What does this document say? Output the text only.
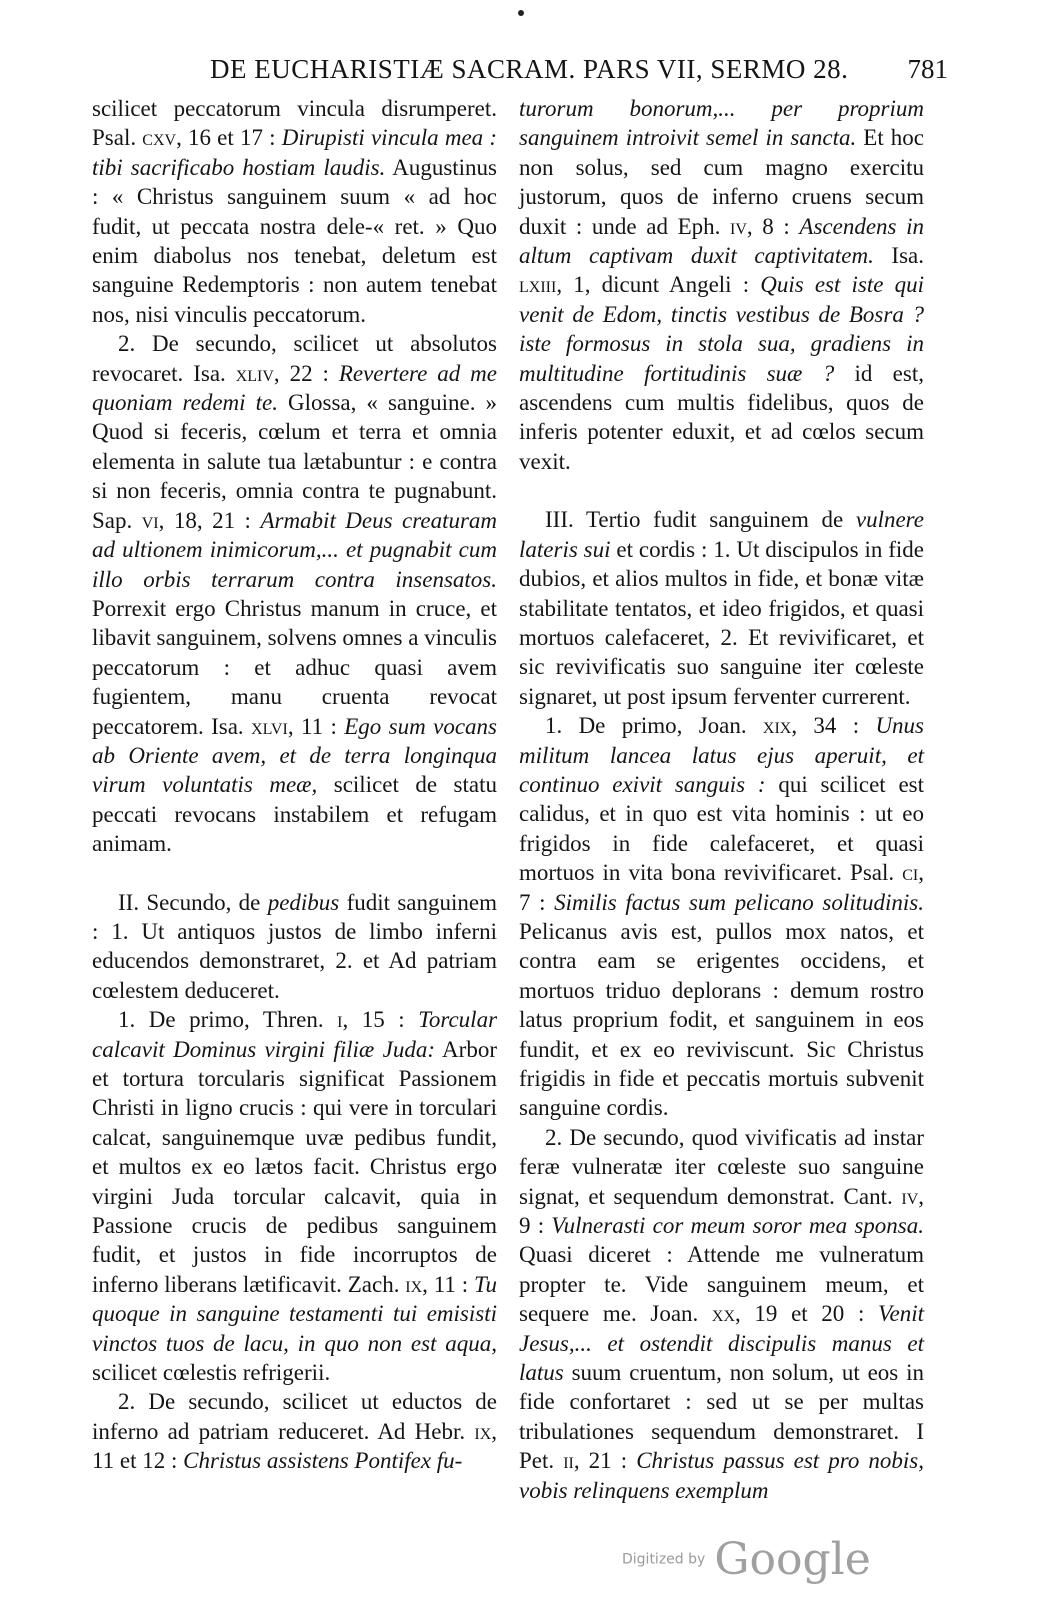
DE EUCHARISTIÆ SACRAM. PARS VII, SERMO 28. 781

scilicet peccatorum vincula disrumperet. Psal. cxv, 16 et 17 : Dirupisti vincula mea : tibi sacrificabo hostiam laudis. Augustinus : « Christus sanguinem suum « ad hoc fudit, ut peccata nostra dele-« ret. » Quo enim diabolus nos tenebat, deletum est sanguine Redemptoris : non autem tenebat nos, nisi vinculis peccatorum.

2. De secundo, scilicet ut absolutos revocaret. Isa. xliv, 22 : Revertere ad me quoniam redemi te. Glossa, « sanguine. » Quod si feceris, cœlum et terra et omnia elementa in salute tua lætabuntur : e contra si non feceris, omnia contra te pugnabunt. Sap. vi, 18, 21 : Armabit Deus creaturam ad ultionem inimicorum,... et pugnabit cum illo orbis terrarum contra insensatos. Porrexit ergo Christus manum in cruce, et libavit sanguinem, solvens omnes a vinculis peccatorum : et adhuc quasi avem fugientem, manu cruenta revocat peccatorem. Isa. xlvi, 11 : Ego sum vocans ab Oriente avem, et de terra longinqua virum voluntatis meæ, scilicet de statu peccati revocans instabilem et refugam animam.

II. Secundo, de pedibus fudit sanguinem : 1. Ut antiquos justos de limbo inferni educendos demonstraret, 2. et Ad patriam cœlestem deduceret.

1. De primo, Thren. i, 15 : Torcular calcavit Dominus virgini filiæ Juda: Arbor et tortura torcularis significat Passionem Christi in ligno crucis : qui vere in torculari calcat, sanguinemque uvæ pedibus fundit, et multos ex eo lætos facit. Christus ergo virgini Juda torcular calcavit, quia in Passione crucis de pedibus sanguinem fudit, et justos in fide incorruptos de inferno liberans lætificavit. Zach. ix, 11 : Tu quoque in sanguine testamenti tui emisisti vinctos tuos de lacu, in quo non est aqua, scilicet cœlestis refrigerii.

2. De secundo, scilicet ut eductos de inferno ad patriam reduceret. Ad Hebr. ix, 11 et 12 : Christus assistens Pontifex fu-

turorum bonorum,... per proprium sanguinem introivit semel in sancta. Et hoc non solus, sed cum magno exercitu justorum, quos de inferno cruens secum duxit : unde ad Eph. iv, 8 : Ascendens in altum captivam duxit captivitatem. Isa. lxiii, 1, dicunt Angeli : Quis est iste qui venit de Edom, tinctis vestibus de Bosra ? iste formosus in stola sua, gradiens in multitudine fortitudinis suæ ? id est, ascendens cum multis fidelibus, quos de inferis potenter eduxit, et ad cœlos secum vexit.

III. Tertio fudit sanguinem de vulnere lateris sui et cordis : 1. Ut discipulos in fide dubios, et alios multos in fide, et bonæ vitæ stabilitate tentatos, et ideo frigidos, et quasi mortuos calefaceret, 2. Et revivificaret, et sic revivificatis suo sanguine iter cœleste signaret, ut post ipsum ferventer currerent.

1. De primo, Joan. xix, 34 : Unus militum lancea latus ejus aperuit, et continuo exivit sanguis : qui scilicet est calidus, et in quo est vita hominis : ut eo frigidos in fide calefaceret, et quasi mortuos in vita bona revivificaret. Psal. ci, 7 : Similis factus sum pelicano solitudinis. Pelicanus avis est, pullos mox natos, et contra eam se erigentes occidens, et mortuos triduo deplorans : demum rostro latus proprium fodit, et sanguinem in eos fundit, et ex eo reviviscunt. Sic Christus frigidis in fide et peccatis mortuis subvenit sanguine cordis.

2. De secundo, quod vivificatis ad instar feræ vulneratæ iter cœleste suo sanguine signat, et sequendum demonstrat. Cant. iv, 9 : Vulnerasti cor meum soror mea sponsa. Quasi diceret : Attende me vulneratum propter te. Vide sanguinem meum, et sequere me. Joan. xx, 19 et 20 : Venit Jesus,... et ostendit discipulis manus et latus suum cruentum, non solum, ut eos in fide confortaret : sed ut se per multas tribulationes sequendum demonstraret. I Pet. ii, 21 : Christus passus est pro nobis, vobis relinquens exemplum

Digitized by Google
